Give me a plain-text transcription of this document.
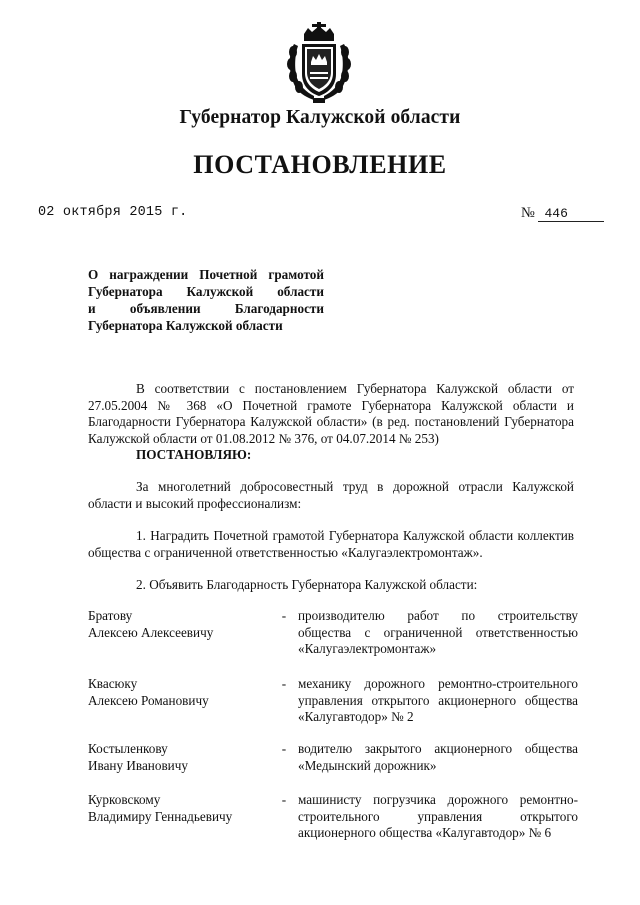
Губернатор Калужской области
ПОСТАНОВЛЕНИЕ
02 октября 2015 г.	№ 446
О награждении Почетной грамотой
Губернатора Калужской области
и объявлении Благодарности
Губернатора Калужской области
В соответствии с постановлением Губернатора Калужской области от 27.05.2004 № 368 «О Почетной грамоте Губернатора Калужской области и Благодарности Губернатора Калужской области» (в ред. постановлений Губернатора Калужской области от 01.08.2012 № 376, от 04.07.2014 № 253)
ПОСТАНОВЛЯЮ:
За многолетний добросовестный труд в дорожной отрасли Калужской области и высокий профессионализм:
1. Наградить Почетной грамотой Губернатора Калужской области коллектив общества с ограниченной ответственностью «Калугаэлектромонтаж».
2. Объявить Благодарность Губернатора Калужской области:
Братову
Алексею Алексеевичу
- производителю работ по строительству
общества с ограниченной ответственностью
«Калугаэлектромонтаж»
Квасюку
Алексею Романовичу
- механику дорожного ремонтно-строительного
управления открытого акционерного общества
«Калугавтодор» № 2
Костыленкову
Ивану Ивановичу
- водителю закрытого акционерного общества
«Медынский дорожник»
Курковскому
Владимиру Геннадьевичу
- машинисту погрузчика дорожного ремонтно-
строительного управления открытого
акционерного общества «Калугавтодор» № 6
